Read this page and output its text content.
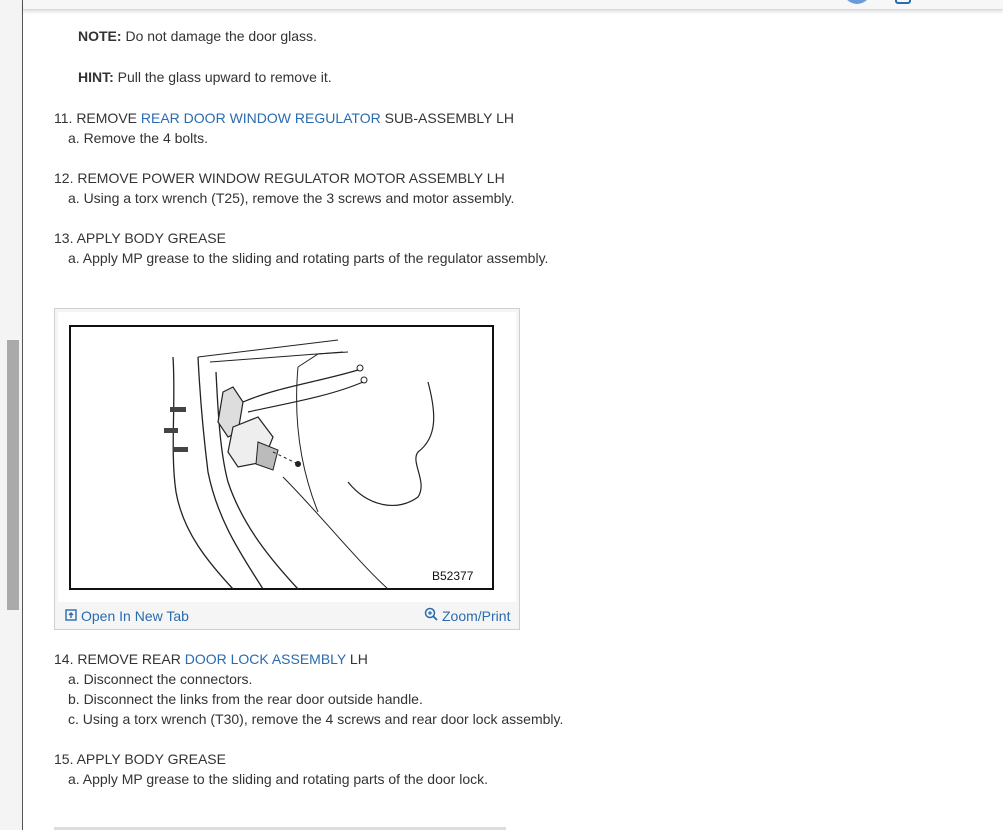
NOTE: Do not damage the door glass.
HINT: Pull the glass upward to remove it.
11. REMOVE REAR DOOR WINDOW REGULATOR SUB-ASSEMBLY LH
a. Remove the 4 bolts.
12. REMOVE POWER WINDOW REGULATOR MOTOR ASSEMBLY LH
a. Using a torx wrench (T25), remove the 3 screws and motor assembly.
13. APPLY BODY GREASE
a. Apply MP grease to the sliding and rotating parts of the regulator assembly.
B52377
Open In New Tab	Zoom/Print
14. REMOVE REAR DOOR LOCK ASSEMBLY LH
a. Disconnect the connectors.
b. Disconnect the links from the rear door outside handle.
c. Using a torx wrench (T30), remove the 4 screws and rear door lock assembly.
15. APPLY BODY GREASE
a. Apply MP grease to the sliding and rotating parts of the door lock.
